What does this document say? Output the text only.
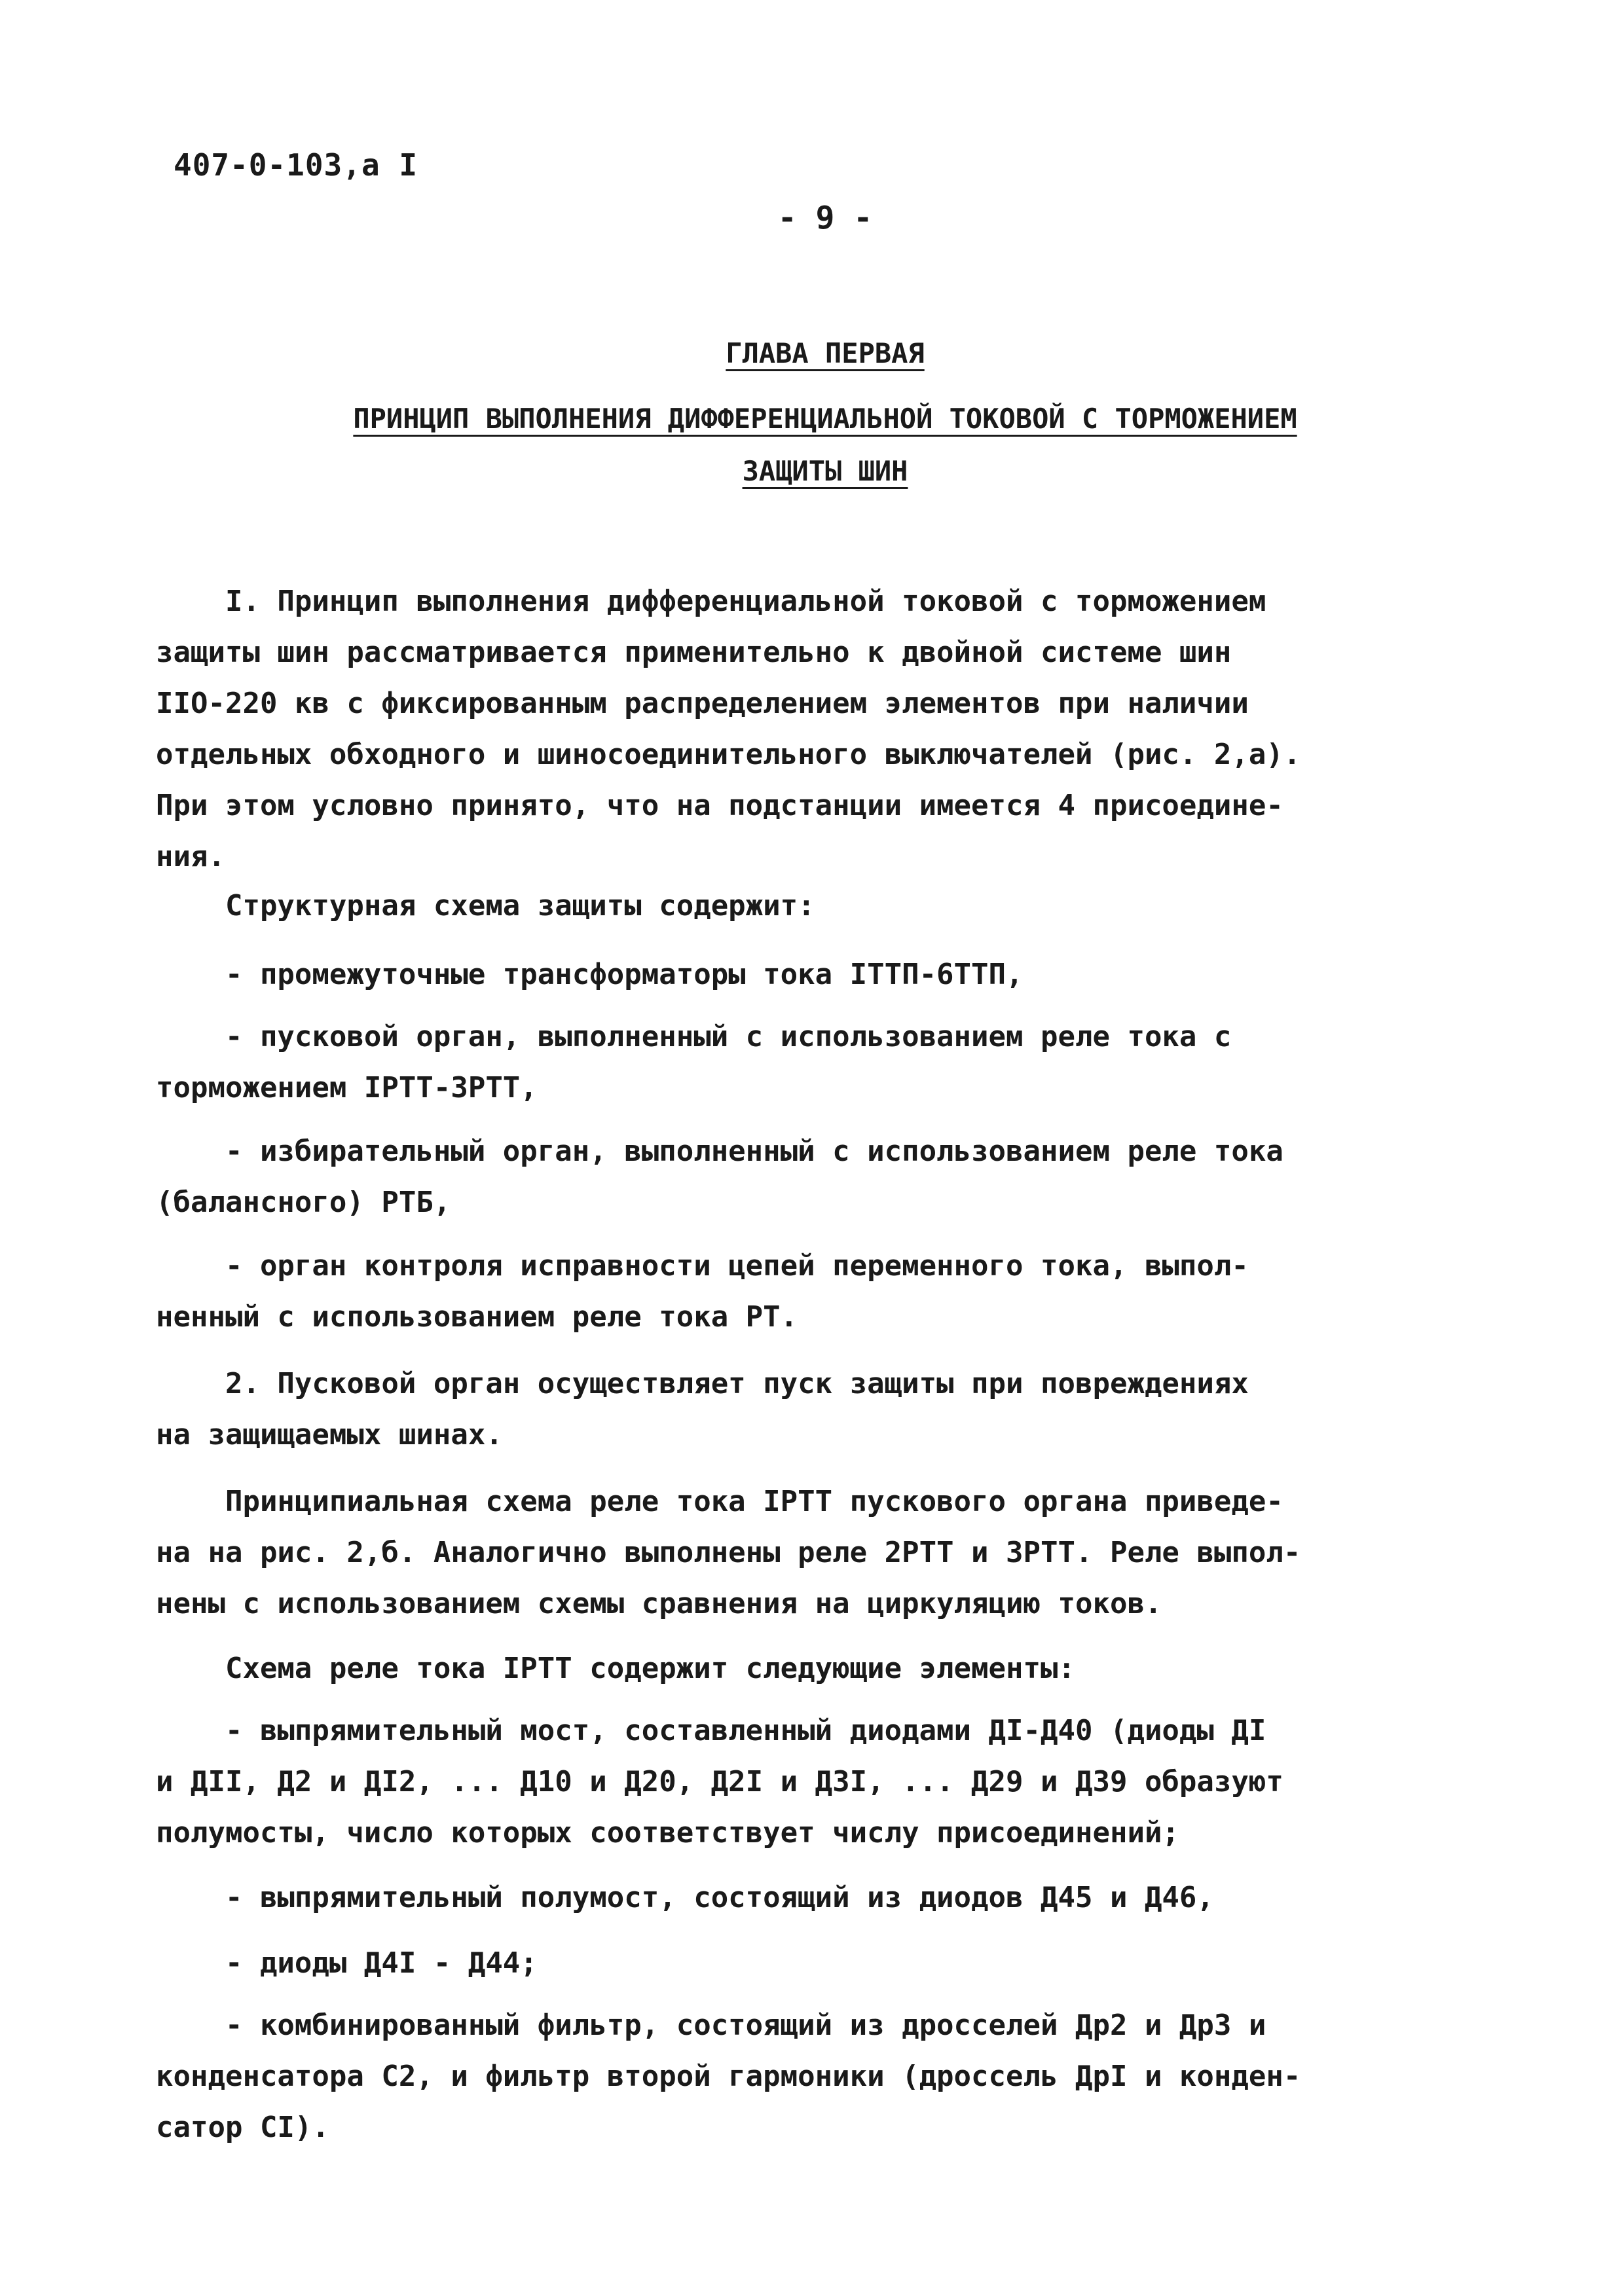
407-0-103,а I
- 9 -
ГЛАВА ПЕРВАЯ
ПРИНЦИП ВЫПОЛНЕНИЯ ДИФФЕРЕНЦИАЛЬНОЙ ТОКОВОЙ С ТОРМОЖЕНИЕМ
ЗАЩИТЫ ШИН

I. Принцип выполнения дифференциальной токовой с торможением
защиты шин рассматривается применительно к двойной системе шин
IIO-220 кв с фиксированным распределением элементов при наличии
отдельных обходного и шиносоединительного выключателей (рис. 2,а).
При этом условно принято, что на подстанции имеется 4 присоедине-
ния.

Структурная схема защиты содержит:

- промежуточные трансформаторы тока IТТП-6ТТП,

- пусковой орган, выполненный с использованием реле тока с
торможением IРТТ-3РТТ,

- избирательный орган, выполненный с использованием реле тока
(балансного) РТБ,

- орган контроля исправности цепей переменного тока, выпол-
ненный с использованием реле тока РТ.

2. Пусковой орган осуществляет пуск защиты при повреждениях
на защищаемых шинах.

Принципиальная схема реле тока IРТТ пускового органа приведе-
на на рис. 2,б. Аналогично выполнены реле 2РТТ и 3РТТ. Реле выпол-
нены с использованием схемы сравнения на циркуляцию токов.

Схема реле тока IРТТ содержит следующие элементы:

- выпрямительный мост, составленный диодами ДI-Д40 (диоды ДI
и ДII, Д2 и ДI2, ... Д10 и Д20, Д2I и Д3I, ... Д29 и Д39 образуют
полумосты, число которых соответствует числу присоединений;

- выпрямительный полумост, состоящий из диодов Д45 и Д46,

- диоды Д4I - Д44;

- комбинированный фильтр, состоящий из дросселей Др2 и Др3 и
конденсатора С2, и фильтр второй гармоники (дроссель ДрI и конден-
сатор СI).
